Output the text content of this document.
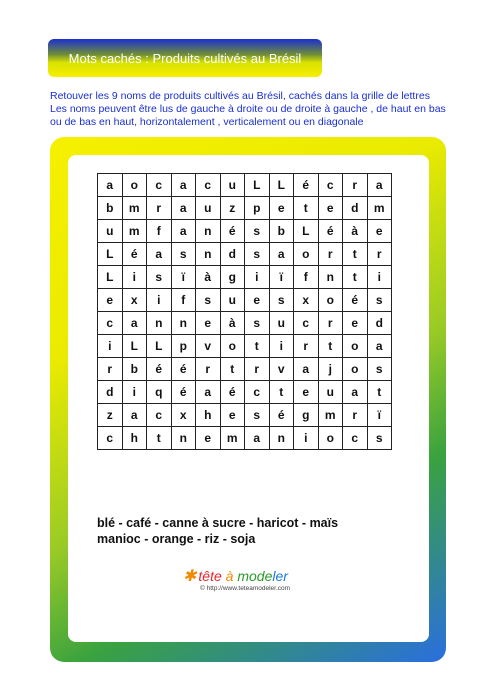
Mots cachés : Produits cultivés au Brésil
Retouver les 9 noms de produits cultivés au Brésil, cachés dans la grille de lettres
Les noms peuvent être lus de gauche à droite ou de droite à gauche , de haut en bas
ou de bas en haut, horizontalement , verticalement ou en diagonale
a	o	c	a	c	u	L	L	é	c	r	a
b	m	r	a	u	z	p	e	t	e	d	m
u	m	f	a	n	é	s	b	L	é	à	e
L	é	a	s	n	d	s	a	o	r	t	r
L	i	s	ï	à	g	i	ï	f	n	t	i
e	x	i	f	s	u	e	s	x	o	é	s
c	a	n	n	e	à	s	u	c	r	e	d
i	L	L	p	v	o	t	i	r	t	o	a
r	b	é	é	r	t	r	v	a	j	o	s
d	i	q	é	a	é	c	t	e	u	a	t
z	a	c	x	h	e	s	é	g	m	r	ï
c	h	t	n	e	m	a	n	i	o	c	s
blé - café - canne à sucre - haricot - maïs
manioc - orange - riz - soja
✱ tête à modeler
© http://www.teteamodeler.com
